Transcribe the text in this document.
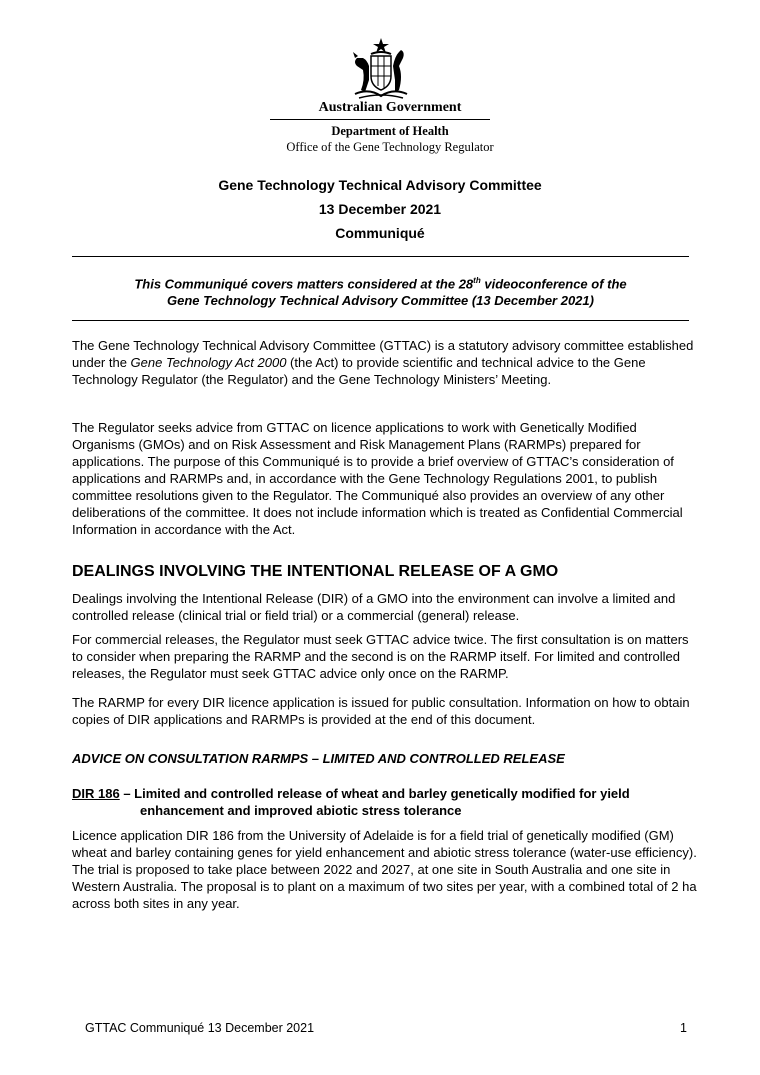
Australian Government
Department of Health
Office of the Gene Technology Regulator
Gene Technology Technical Advisory Committee
13 December 2021
Communiqué
This Communiqué covers matters considered at the 28th videoconference of the
Gene Technology Technical Advisory Committee (13 December 2021)

The Gene Technology Technical Advisory Committee (GTTAC) is a statutory advisory committee established under the Gene Technology Act 2000 (the Act) to provide scientific and technical advice to the Gene Technology Regulator (the Regulator) and the Gene Technology Ministers’ Meeting.

The Regulator seeks advice from GTTAC on licence applications to work with Genetically Modified Organisms (GMOs) and on Risk Assessment and Risk Management Plans (RARMPs) prepared for applications. The purpose of this Communiqué is to provide a brief overview of GTTAC’s consideration of applications and RARMPs and, in accordance with the Gene Technology Regulations 2001, to publish committee resolutions given to the Regulator. The Communiqué also provides an overview of any other deliberations of the committee. It does not include information which is treated as Confidential Commercial Information in accordance with the Act.

DEALINGS INVOLVING THE INTENTIONAL RELEASE OF A GMO

Dealings involving the Intentional Release (DIR) of a GMO into the environment can involve a limited and controlled release (clinical trial or field trial) or a commercial (general) release.

For commercial releases, the Regulator must seek GTTAC advice twice. The first consultation is on matters to consider when preparing the RARMP and the second is on the RARMP itself. For limited and controlled releases, the Regulator must seek GTTAC advice only once on the RARMP.

The RARMP for every DIR licence application is issued for public consultation. Information on how to obtain copies of DIR applications and RARMPs is provided at the end of this document.

ADVICE ON CONSULTATION RARMPS – LIMITED AND CONTROLLED RELEASE
DIR 186 – Limited and controlled release of wheat and barley genetically modified for yield
enhancement and improved abiotic stress tolerance

Licence application DIR 186 from the University of Adelaide is for a field trial of genetically modified (GM) wheat and barley containing genes for yield enhancement and abiotic stress tolerance (water-use efficiency). The trial is proposed to take place between 2022 and 2027, at one site in South Australia and one site in Western Australia. The proposal is to plant on a maximum of two sites per year, with a combined total of 2 ha across both sites in any year.

GTTAC Communiqué 13 December 2021	1
